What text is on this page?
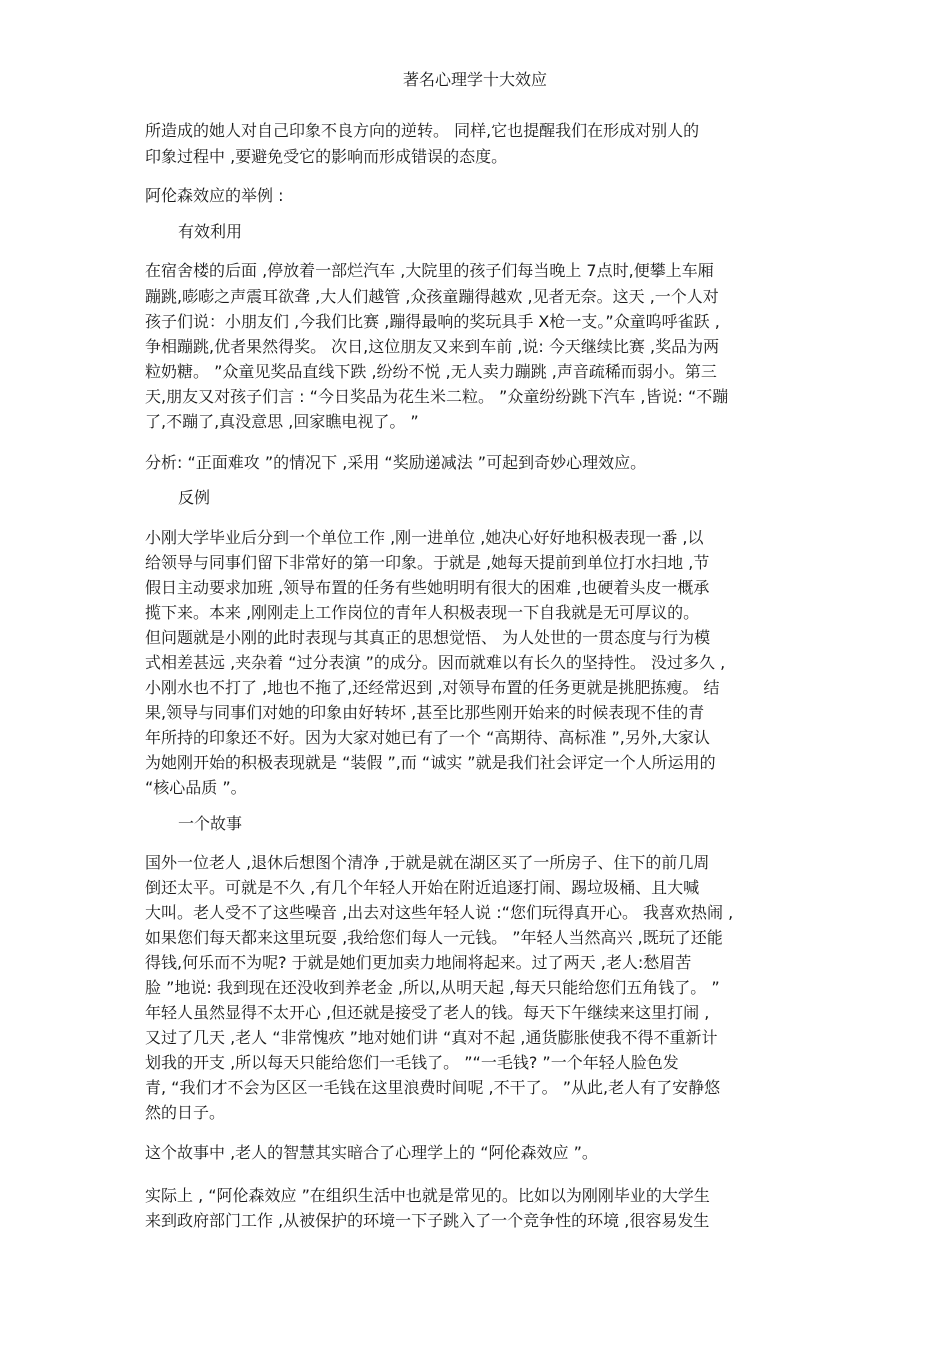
著名心理学十大效应
所造成的她人对自己印象不良方向的逆转。 同样,它也提醒我们在形成对别人的
印象过程中 ,要避免受它的影响而形成错误的态度。
阿伦森效应的举例 :
有效利用
在宿舍楼的后面 ,停放着一部烂汽车 ,大院里的孩子们每当晚上 7点时,便攀上车厢
蹦跳,嘭嘭之声震耳欲聋 ,大人们越管 ,众孩童蹦得越欢 ,见者无奈。这天 ,一个人对
孩子们说：小朋友们 ,今我们比赛 ,蹦得最响的奖玩具手 X枪一支。”众童呜呼雀跃 ,
争相蹦跳,优者果然得奖。 次日,这位朋友又来到车前 ,说: 今天继续比赛 ,奖品为两
粒奶糖。 ”众童见奖品直线下跌 ,纷纷不悦 ,无人卖力蹦跳 ,声音疏稀而弱小。第三
天,朋友又对孩子们言 : “今日奖品为花生米二粒。 ”众童纷纷跳下汽车 ,皆说: “不蹦
了,不蹦了,真没意思 ,回家瞧电视了。 ”
分析: “正面难攻 ”的情况下 ,采用 “奖励递减法 ”可起到奇妙心理效应。
反例
小刚大学毕业后分到一个单位工作 ,刚一进单位 ,她决心好好地积极表现一番 ,以
给领导与同事们留下非常好的第一印象。于就是 ,她每天提前到单位打水扫地 ,节
假日主动要求加班 ,领导布置的任务有些她明明有很大的困难 ,也硬着头皮一概承
揽下来。本来 ,刚刚走上工作岗位的青年人积极表现一下自我就是无可厚议的。
但问题就是小刚的此时表现与其真正的思想觉悟、 为人处世的一贯态度与行为模
式相差甚远 ,夹杂着 “过分表演 ”的成分。因而就难以有长久的坚持性。 没过多久 ,
小刚水也不打了 ,地也不拖了,还经常迟到 ,对领导布置的任务更就是挑肥拣瘦。 结
果,领导与同事们对她的印象由好转坏 ,甚至比那些刚开始来的时候表现不佳的青
年所持的印象还不好。因为大家对她已有了一个 “高期待、高标准 ”,另外,大家认
为她刚开始的积极表现就是 “装假 ”,而 “诚实 ”就是我们社会评定一个人所运用的
“核心品质 ”。
一个故事
国外一位老人 ,退休后想图个清净 ,于就是就在湖区买了一所房子、住下的前几周
倒还太平。可就是不久 ,有几个年轻人开始在附近追逐打闹、踢垃圾桶、且大喊
大叫。老人受不了这些噪音 ,出去对这些年轻人说 :“您们玩得真开心。 我喜欢热闹 ,
如果您们每天都来这里玩耍 ,我给您们每人一元钱。 ”年轻人当然高兴 ,既玩了还能
得钱,何乐而不为呢? 于就是她们更加卖力地闹将起来。过了两天 ,老人:愁眉苦
脸 ”地说: 我到现在还没收到养老金 ,所以,从明天起 ,每天只能给您们五角钱了。 ”
年轻人虽然显得不太开心 ,但还就是接受了老人的钱。每天下午继续来这里打闹 ,
又过了几天 ,老人 “非常愧疚 ”地对她们讲 “真对不起 ,通货膨胀使我不得不重新计
划我的开支 ,所以每天只能给您们一毛钱了。 ”“一毛钱? ”一个年轻人脸色发
青, “我们才不会为区区一毛钱在这里浪费时间呢 ,不干了。 ”从此,老人有了安静悠
然的日子。
这个故事中 ,老人的智慧其实暗合了心理学上的 “阿伦森效应 ”。
实际上 , “阿伦森效应 ”在组织生活中也就是常见的。比如以为刚刚毕业的大学生
来到政府部门工作 ,从被保护的环境一下子跳入了一个竞争性的环境 ,很容易发生
